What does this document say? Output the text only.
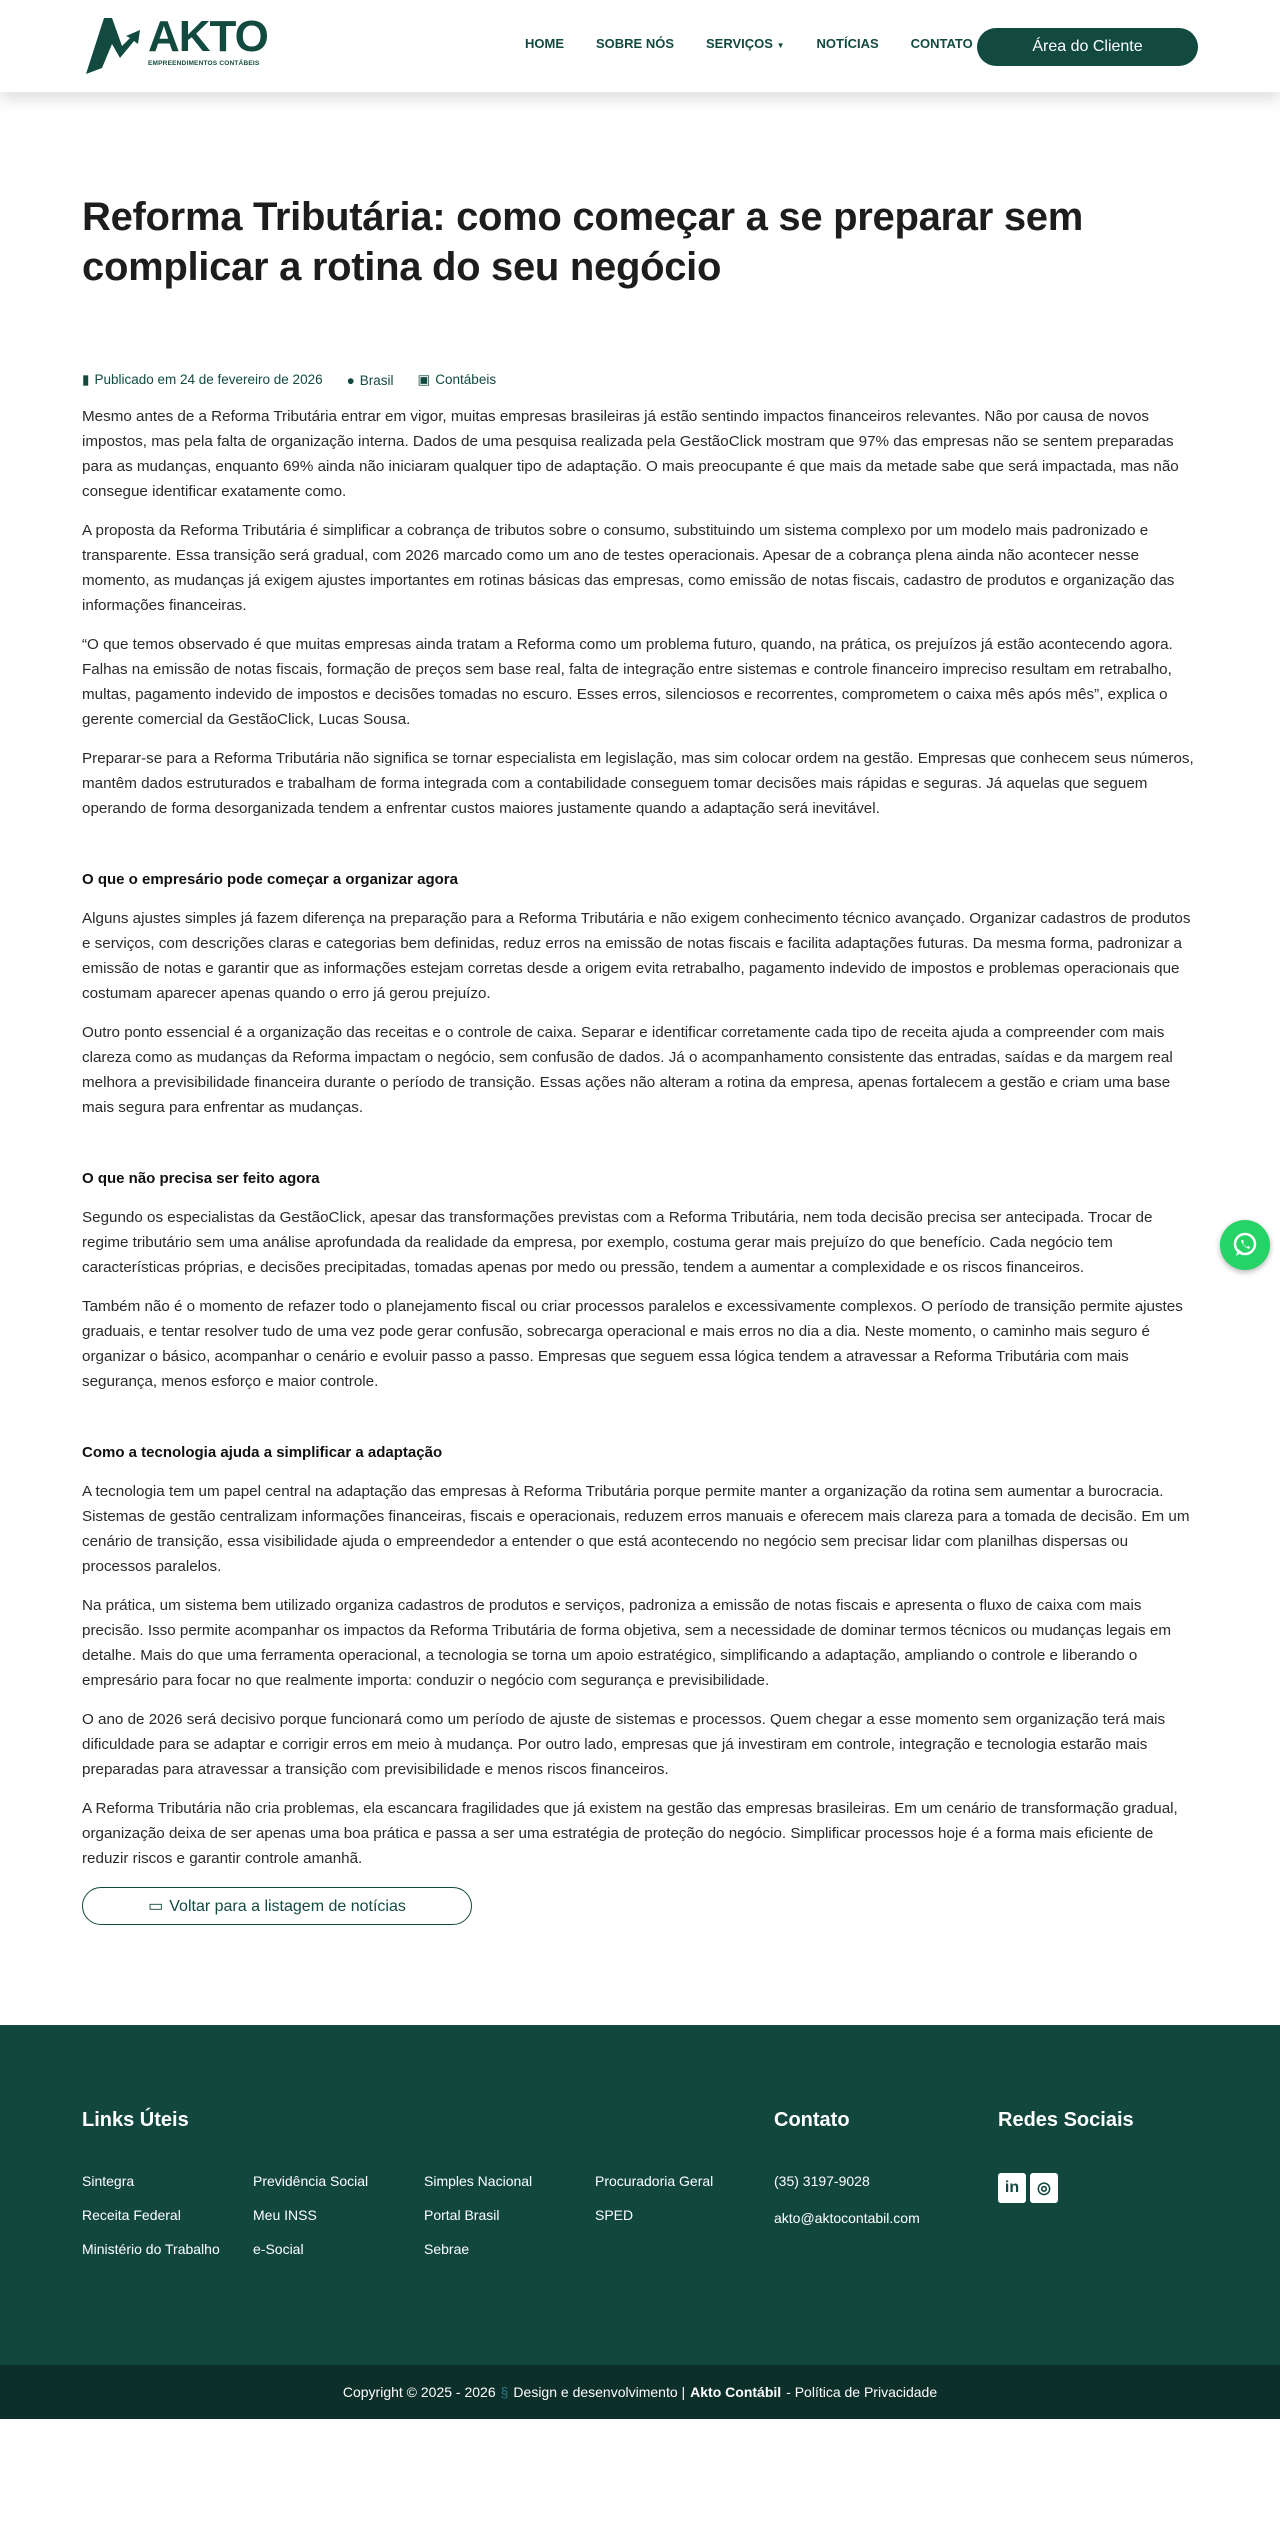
AKTO
EMPREENDIMENTOS CONTÁBEIS
HOME SOBRE NÓS SERVIÇOS ▼ NOTÍCIAS CONTATO	Área do Cliente
Reforma Tributária: como começar a se preparar sem complicar a rotina do seu negócio
▮ Publicado em 24 de fevereiro de 2026 ● Brasil ▣ Contábeis

Mesmo antes de a Reforma Tributária entrar em vigor, muitas empresas brasileiras já estão sentindo impactos financeiros relevantes. Não por causa de novos impostos, mas pela falta de organização interna. Dados de uma pesquisa realizada pela GestãoClick mostram que 97% das empresas não se sentem preparadas para as mudanças, enquanto 69% ainda não iniciaram qualquer tipo de adaptação. O mais preocupante é que mais da metade sabe que será impactada, mas não consegue identificar exatamente como.

A proposta da Reforma Tributária é simplificar a cobrança de tributos sobre o consumo, substituindo um sistema complexo por um modelo mais padronizado e transparente. Essa transição será gradual, com 2026 marcado como um ano de testes operacionais. Apesar de a cobrança plena ainda não acontecer nesse momento, as mudanças já exigem ajustes importantes em rotinas básicas das empresas, como emissão de notas fiscais, cadastro de produtos e organização das informações financeiras.

“O que temos observado é que muitas empresas ainda tratam a Reforma como um problema futuro, quando, na prática, os prejuízos já estão acontecendo agora. Falhas na emissão de notas fiscais, formação de preços sem base real, falta de integração entre sistemas e controle financeiro impreciso resultam em retrabalho, multas, pagamento indevido de impostos e decisões tomadas no escuro. Esses erros, silenciosos e recorrentes, comprometem o caixa mês após mês”, explica o gerente comercial da GestãoClick, Lucas Sousa.

Preparar-se para a Reforma Tributária não significa se tornar especialista em legislação, mas sim colocar ordem na gestão. Empresas que conhecem seus números, mantêm dados estruturados e trabalham de forma integrada com a contabilidade conseguem tomar decisões mais rápidas e seguras. Já aquelas que seguem operando de forma desorganizada tendem a enfrentar custos maiores justamente quando a adaptação será inevitável.

O que o empresário pode começar a organizar agora

Alguns ajustes simples já fazem diferença na preparação para a Reforma Tributária e não exigem conhecimento técnico avançado. Organizar cadastros de produtos e serviços, com descrições claras e categorias bem definidas, reduz erros na emissão de notas fiscais e facilita adaptações futuras. Da mesma forma, padronizar a emissão de notas e garantir que as informações estejam corretas desde a origem evita retrabalho, pagamento indevido de impostos e problemas operacionais que costumam aparecer apenas quando o erro já gerou prejuízo.

Outro ponto essencial é a organização das receitas e o controle de caixa. Separar e identificar corretamente cada tipo de receita ajuda a compreender com mais clareza como as mudanças da Reforma impactam o negócio, sem confusão de dados. Já o acompanhamento consistente das entradas, saídas e da margem real melhora a previsibilidade financeira durante o período de transição. Essas ações não alteram a rotina da empresa, apenas fortalecem a gestão e criam uma base mais segura para enfrentar as mudanças.

O que não precisa ser feito agora

Segundo os especialistas da GestãoClick, apesar das transformações previstas com a Reforma Tributária, nem toda decisão precisa ser antecipada. Trocar de regime tributário sem uma análise aprofundada da realidade da empresa, por exemplo, costuma gerar mais prejuízo do que benefício. Cada negócio tem características próprias, e decisões precipitadas, tomadas apenas por medo ou pressão, tendem a aumentar a complexidade e os riscos financeiros.

Também não é o momento de refazer todo o planejamento fiscal ou criar processos paralelos e excessivamente complexos. O período de transição permite ajustes graduais, e tentar resolver tudo de uma vez pode gerar confusão, sobrecarga operacional e mais erros no dia a dia. Neste momento, o caminho mais seguro é organizar o básico, acompanhar o cenário e evoluir passo a passo. Empresas que seguem essa lógica tendem a atravessar a Reforma Tributária com mais segurança, menos esforço e maior controle.

Como a tecnologia ajuda a simplificar a adaptação

A tecnologia tem um papel central na adaptação das empresas à Reforma Tributária porque permite manter a organização da rotina sem aumentar a burocracia. Sistemas de gestão centralizam informações financeiras, fiscais e operacionais, reduzem erros manuais e oferecem mais clareza para a tomada de decisão. Em um cenário de transição, essa visibilidade ajuda o empreendedor a entender o que está acontecendo no negócio sem precisar lidar com planilhas dispersas ou processos paralelos.

Na prática, um sistema bem utilizado organiza cadastros de produtos e serviços, padroniza a emissão de notas fiscais e apresenta o fluxo de caixa com mais precisão. Isso permite acompanhar os impactos da Reforma Tributária de forma objetiva, sem a necessidade de dominar termos técnicos ou mudanças legais em detalhe. Mais do que uma ferramenta operacional, a tecnologia se torna um apoio estratégico, simplificando a adaptação, ampliando o controle e liberando o empresário para focar no que realmente importa: conduzir o negócio com segurança e previsibilidade.

O ano de 2026 será decisivo porque funcionará como um período de ajuste de sistemas e processos. Quem chegar a esse momento sem organização terá mais dificuldade para se adaptar e corrigir erros em meio à mudança. Por outro lado, empresas que já investiram em controle, integração e tecnologia estarão mais preparadas para atravessar a transição com previsibilidade e menos riscos financeiros.

A Reforma Tributária não cria problemas, ela escancara fragilidades que já existem na gestão das empresas brasileiras. Em um cenário de transformação gradual, organização deixa de ser apenas uma boa prática e passa a ser uma estratégia de proteção do negócio. Simplificar processos hoje é a forma mais eficiente de reduzir riscos e garantir controle amanhã.

▭ Voltar para a listagem de notícias
Links Úteis
Sintegra	Previdência Social	Simples Nacional	Procuradoria Geral
Receita Federal	Meu INSS	Portal Brasil	SPED
Ministério do Trabalho	e-Social	Sebrae
Contato
(35) 3197-9028
akto@aktocontabil.com
Redes Sociais
in	◎
Copyright © 2025 - 2026 § Design e desenvolvimento | Akto Contábil - Política de Privacidade
